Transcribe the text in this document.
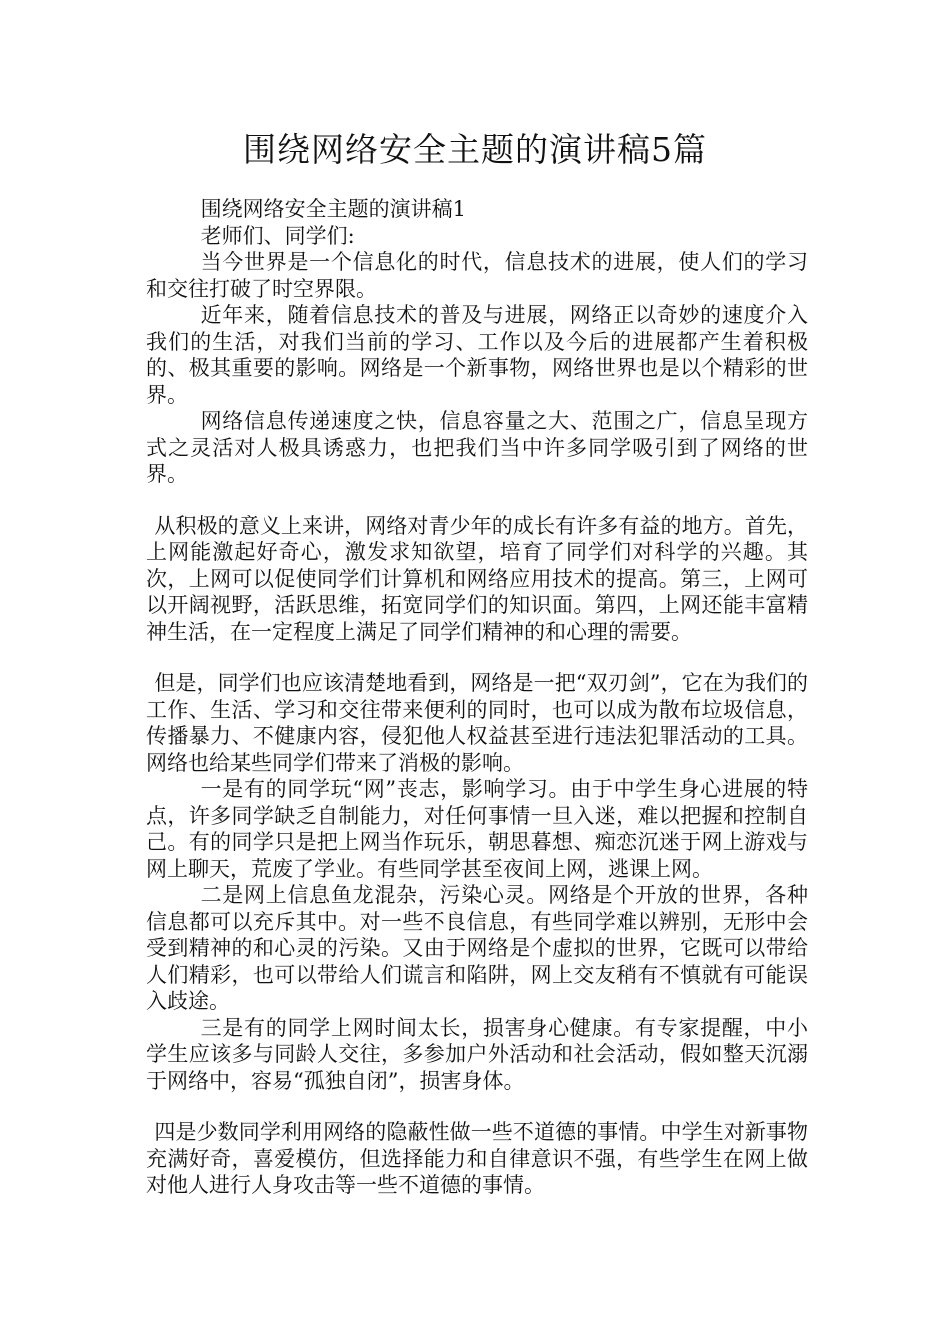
围绕网络安全主题的演讲稿5篇

围绕网络安全主题的演讲稿1

老师们、同学们:

当今世界是一个信息化的时代，信息技术的进展，使人们的学习和交往打破了时空界限。

近年来，随着信息技术的普及与进展，网络正以奇妙的速度介入我们的生活，对我们当前的学习、工作以及今后的进展都产生着积极的、极其重要的影响。网络是一个新事物，网络世界也是以个精彩的世界。

网络信息传递速度之快，信息容量之大、范围之广，信息呈现方式之灵活对人极具诱惑力，也把我们当中许多同学吸引到了网络的世界。

从积极的意义上来讲，网络对青少年的成长有许多有益的地方。首先，上网能激起好奇心，激发求知欲望，培育了同学们对科学的兴趣。其次，上网可以促使同学们计算机和网络应用技术的提高。第三，上网可以开阔视野，活跃思维，拓宽同学们的知识面。第四，上网还能丰富精神生活，在一定程度上满足了同学们精神的和心理的需要。

但是，同学们也应该清楚地看到，网络是一把“双刃剑”，它在为我们的工作、生活、学习和交往带来便利的同时，也可以成为散布垃圾信息，传播暴力、不健康内容，侵犯他人权益甚至进行违法犯罪活动的工具。网络也给某些同学们带来了消极的影响。

一是有的同学玩“网”丧志，影响学习。由于中学生身心进展的特点，许多同学缺乏自制能力，对任何事情一旦入迷，难以把握和控制自己。有的同学只是把上网当作玩乐，朝思暮想、痴恋沉迷于网上游戏与网上聊天，荒废了学业。有些同学甚至夜间上网，逃课上网。

二是网上信息鱼龙混杂，污染心灵。网络是个开放的世界，各种信息都可以充斥其中。对一些不良信息，有些同学难以辨别，无形中会受到精神的和心灵的污染。又由于网络是个虚拟的世界，它既可以带给人们精彩，也可以带给人们谎言和陷阱，网上交友稍有不慎就有可能误入歧途。

三是有的同学上网时间太长，损害身心健康。有专家提醒，中小学生应该多与同龄人交往，多参加户外活动和社会活动，假如整天沉溺于网络中，容易“孤独自闭”，损害身体。

四是少数同学利用网络的隐蔽性做一些不道德的事情。中学生对新事物充满好奇，喜爱模仿，但选择能力和自律意识不强，有些学生在网上做对他人进行人身攻击等一些不道德的事情。
